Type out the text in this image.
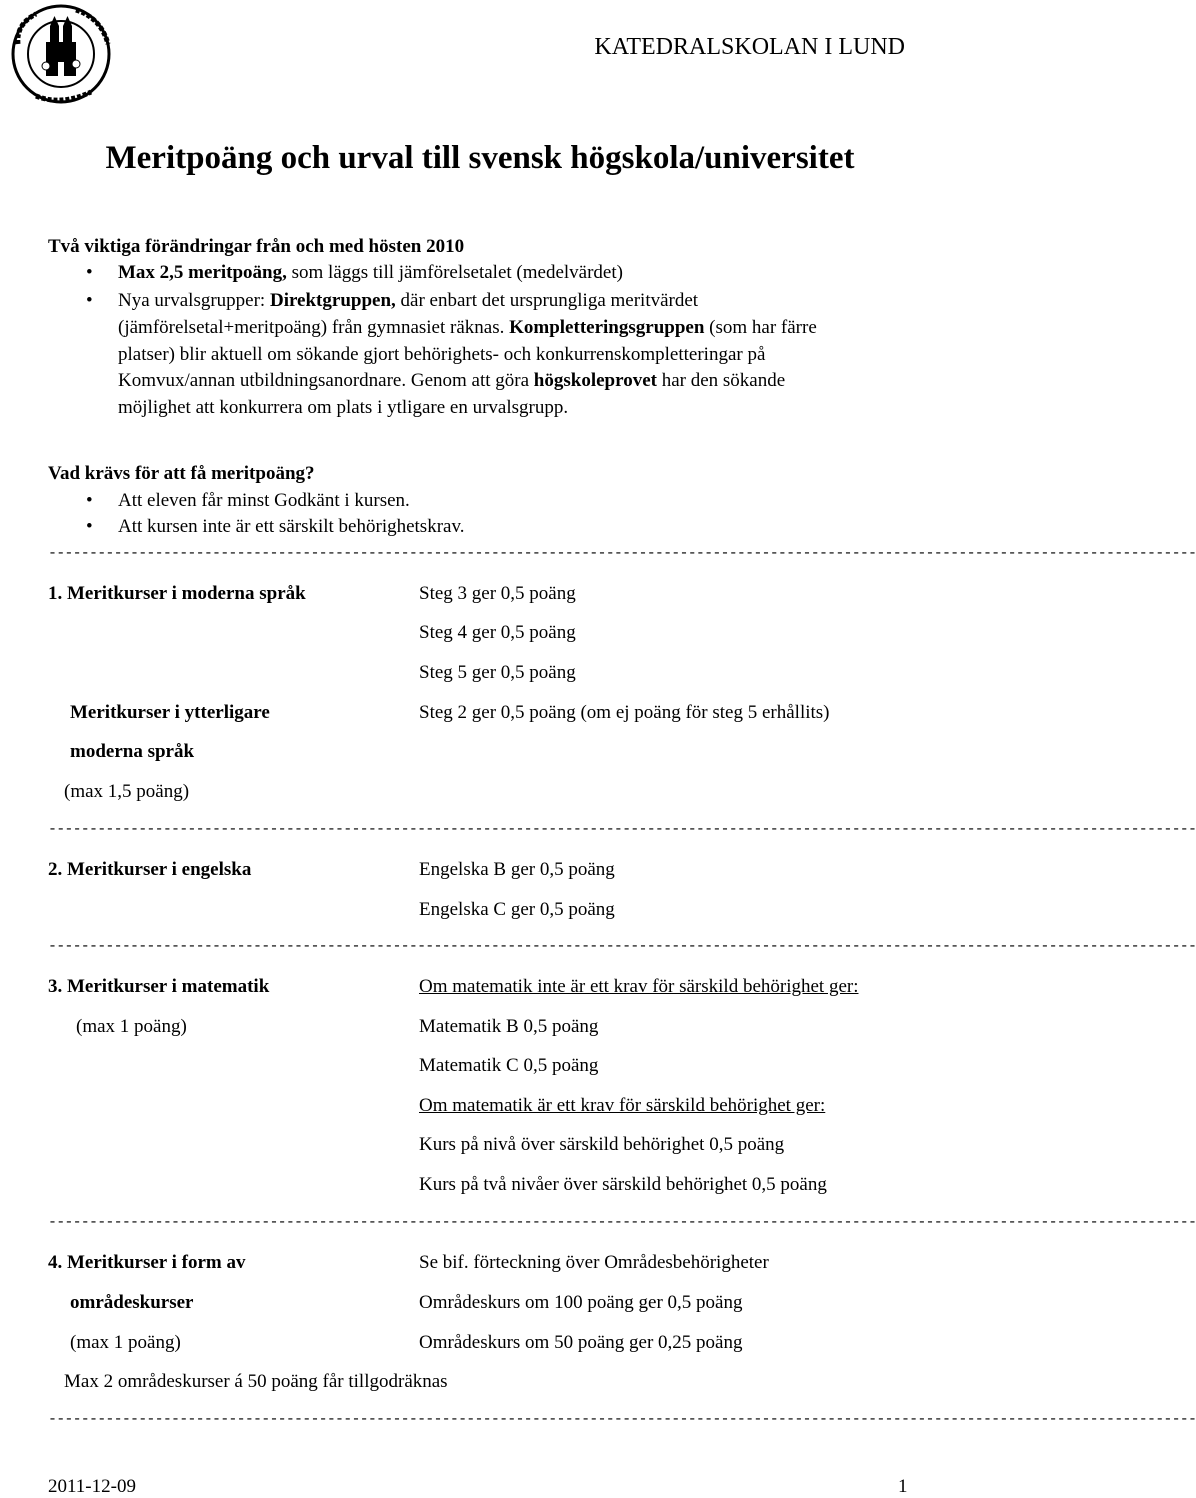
KATEDRALSKOLAN I LUND
Meritpoäng och urval till svensk högskola/universitet
Två viktiga förändringar från och med hösten 2010
• Max 2,5 meritpoäng, som läggs till jämförelsetalet (medelvärdet)
• Nya urvalsgrupper: Direktgruppen, där enbart det ursprungliga meritvärdet
(jämförelsetal+meritpoäng) från gymnasiet räknas. Kompletteringsgruppen (som har färre
platser) blir aktuell om sökande gjort behörighets- och konkurrenskompletteringar på
Komvux/annan utbildningsanordnare. Genom att göra högskoleprovet har den sökande
möjlighet att konkurrera om plats i ytligare en urvalsgrupp.
Vad krävs för att få meritpoäng?
• Att eleven får minst Godkänt i kursen.
• Att kursen inte är ett särskilt behörighetskrav.
--------------------------------------------------------------------------------------------------------------------------------------------
1. Meritkurser i moderna språk	Steg 3 ger 0,5 poäng
Steg 4 ger 0,5 poäng
Steg 5 ger 0,5 poäng
Meritkurser i ytterligare	Steg 2 ger 0,5 poäng (om ej poäng för steg 5 erhållits)
moderna språk
(max 1,5 poäng)
--------------------------------------------------------------------------------------------------------------------------------------------
2. Meritkurser i engelska	Engelska B ger 0,5 poäng
Engelska C ger 0,5 poäng
--------------------------------------------------------------------------------------------------------------------------------------------
3. Meritkurser i matematik	Om matematik inte är ett krav för särskild behörighet ger:
(max 1 poäng)	Matematik B 0,5 poäng
Matematik C 0,5 poäng
Om matematik är ett krav för särskild behörighet ger:
Kurs på nivå över särskild behörighet 0,5 poäng
Kurs på två nivåer över särskild behörighet 0,5 poäng
--------------------------------------------------------------------------------------------------------------------------------------------
4. Meritkurser i form av	Se bif. förteckning över Områdesbehörigheter
områdeskurser	Områdeskurs om 100 poäng ger 0,5 poäng
(max 1 poäng)	Områdeskurs om 50 poäng ger 0,25 poäng
Max 2 områdeskurser á 50 poäng får tillgodräknas
--------------------------------------------------------------------------------------------------------------------------------------------
2011-12-09	1
